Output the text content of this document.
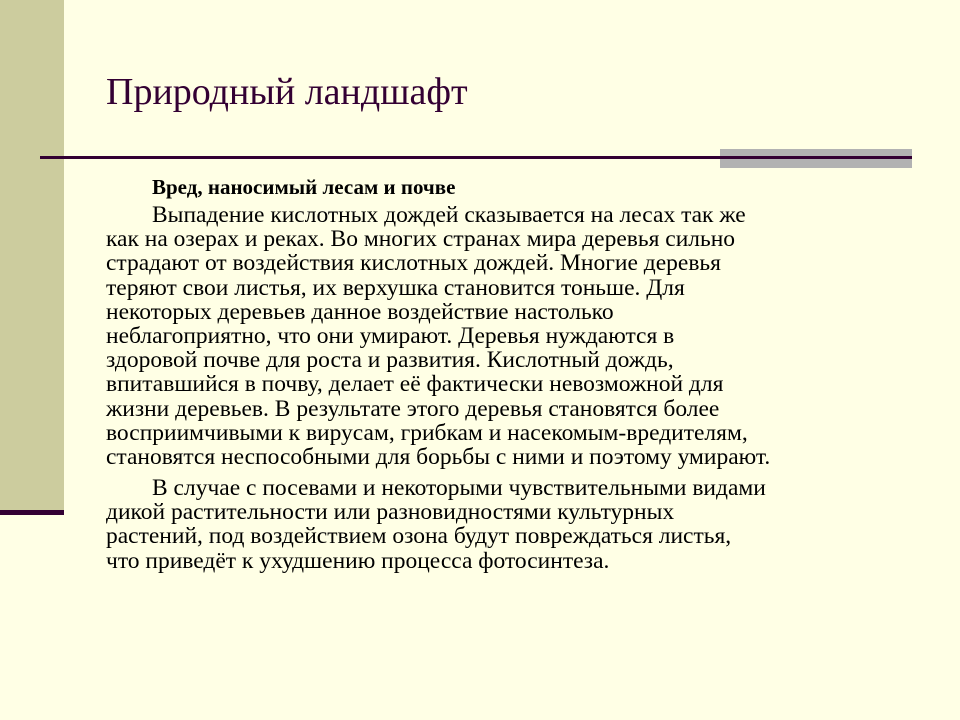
Природный ландшафт
Вред, наносимый лесам и почве
Выпадение кислотных дождей сказывается на лесах так же
как на озерах и реках. Во многих странах мира деревья сильно
страдают от воздействия кислотных дождей. Многие деревья
теряют свои листья, их верхушка становится тоньше. Для
некоторых деревьев данное воздействие настолько
неблагоприятно, что они умирают. Деревья нуждаются в
здоровой почве для роста и развития. Кислотный дождь,
впитавшийся в почву, делает её фактически невозможной для
жизни деревьев. В результате этого деревья становятся более
восприимчивыми к вирусам, грибкам и насекомым-вредителям,
становятся неспособными для борьбы с ними и поэтому умирают.
В случае с посевами и некоторыми чувствительными видами
дикой растительности или разновидностями культурных
растений, под воздействием озона будут повреждаться листья,
что приведёт к ухудшению процесса фотосинтеза.
